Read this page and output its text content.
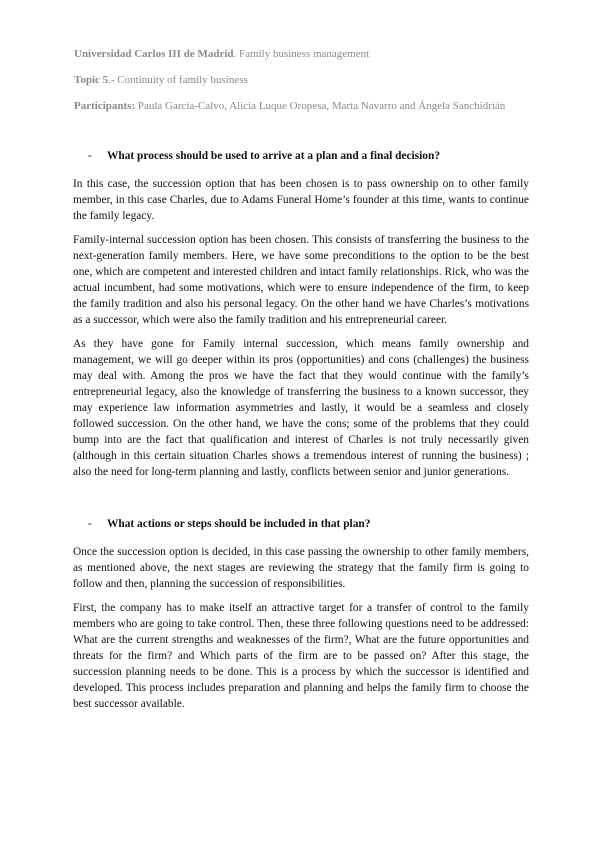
Universidad Carlos III de Madrid. Family business management
Topic 5.- Continuity of family business
Participants: Paula García-Calvo, Alicia Luque Oropesa, Marta Navarro and Ángela Sanchidrián
- What process should be used to arrive at a plan and a final decision?

In this case, the succession option that has been chosen is to pass ownership on to other family member, in this case Charles, due to Adams Funeral Home’s founder at this time, wants to continue the family legacy.

Family-internal succession option has been chosen. This consists of transferring the business to the next-generation family members. Here, we have some preconditions to the option to be the best one, which are competent and interested children and intact family relationships. Rick, who was the actual incumbent, had some motivations, which were to ensure independence of the firm, to keep the family tradition and also his personal legacy. On the other hand we have Charles’s motivations as a successor, which were also the family tradition and his entrepreneurial career.

As they have gone for Family internal succession, which means family ownership and management, we will go deeper within its pros (opportunities) and cons (challenges) the business may deal with. Among the pros we have the fact that they would continue with the family’s entrepreneurial legacy, also the knowledge of transferring the business to a known successor, they may experience law information asymmetries and lastly, it would be a seamless and closely followed succession. On the other hand, we have the cons; some of the problems that they could bump into are the fact that qualification and interest of Charles is not truly necessarily given (although in this certain situation Charles shows a tremendous interest of running the business) ; also the need for long-term planning and lastly, conflicts between senior and junior generations.

- What actions or steps should be included in that plan?

Once the succession option is decided, in this case passing the ownership to other family members, as mentioned above, the next stages are reviewing the strategy that the family firm is going to follow and then, planning the succession of responsibilities.

First, the company has to make itself an attractive target for a transfer of control to the family members who are going to take control. Then, these three following questions need to be addressed: What are the current strengths and weaknesses of the firm?, What are the future opportunities and threats for the firm? and Which parts of the firm are to be passed on? After this stage, the succession planning needs to be done. This is a process by which the successor is identified and developed. This process includes preparation and planning and helps the family firm to choose the best successor available.
